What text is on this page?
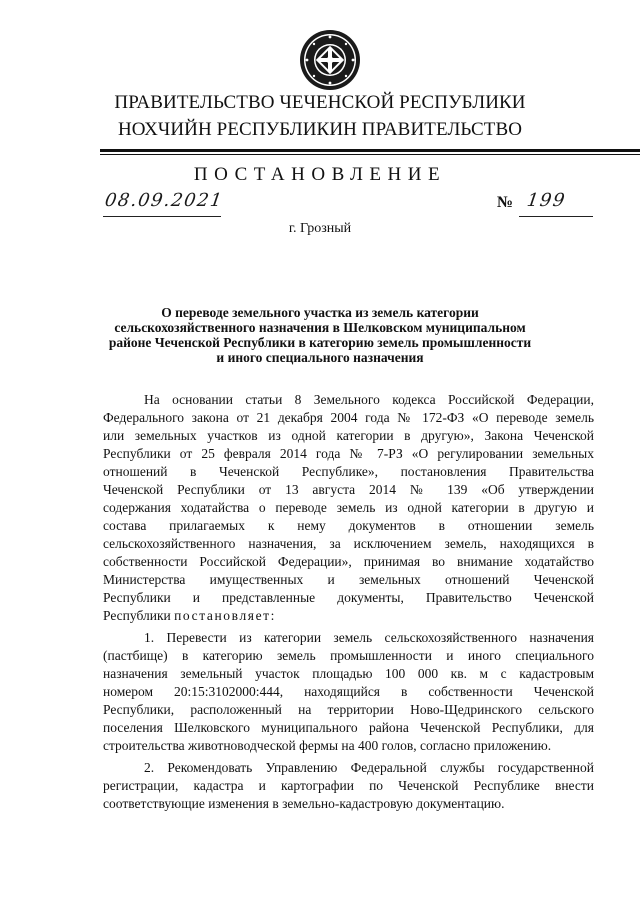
ПРАВИТЕЛЬСТВО ЧЕЧЕНСКОЙ РЕСПУБЛИКИ
НОХЧИЙН РЕСПУБЛИКИН ПРАВИТЕЛЬСТВО
ПОСТАНОВЛЕНИЕ
08.09.2021	№ 199
г. Грозный
О переводе земельного участка из земель категории
сельскохозяйственного назначения в Шелковском муниципальном
районе Чеченской Республики в категорию земель промышленности
и иного специального назначения
На основании статьи 8 Земельного кодекса Российской Федерации,
Федерального закона от 21 декабря 2004 года № 172-ФЗ «О переводе земель
или земельных участков из одной категории в другую», Закона Чеченской
Республики от 25 февраля 2014 года № 7-РЗ «О регулировании земельных
отношений в Чеченской Республике», постановления Правительства
Чеченской Республики от 13 августа 2014 № 139 «Об утверждении
содержания ходатайства о переводе земель из одной категории в другую и
состава прилагаемых к нему документов в отношении земель
сельскохозяйственного назначения, за исключением земель, находящихся в
собственности Российской Федерации», принимая во внимание ходатайство
Министерства имущественных и земельных отношений Чеченской
Республики и представленные документы, Правительство Чеченской
Республики постановляет:
1. Перевести из категории земель сельскохозяйственного назначения
(пастбище) в категорию земель промышленности и иного специального
назначения земельный участок площадью 100 000 кв. м с кадастровым
номером 20:15:3102000:444, находящийся в собственности Чеченской
Республики, расположенный на территории Ново-Щедринского сельского
поселения Шелковского муниципального района Чеченской Республики, для
строительства животноводческой фермы на 400 голов, согласно приложению.
2. Рекомендовать Управлению Федеральной службы государственной
регистрации, кадастра и картографии по Чеченской Республике внести
соответствующие изменения в земельно-кадастровую документацию.
